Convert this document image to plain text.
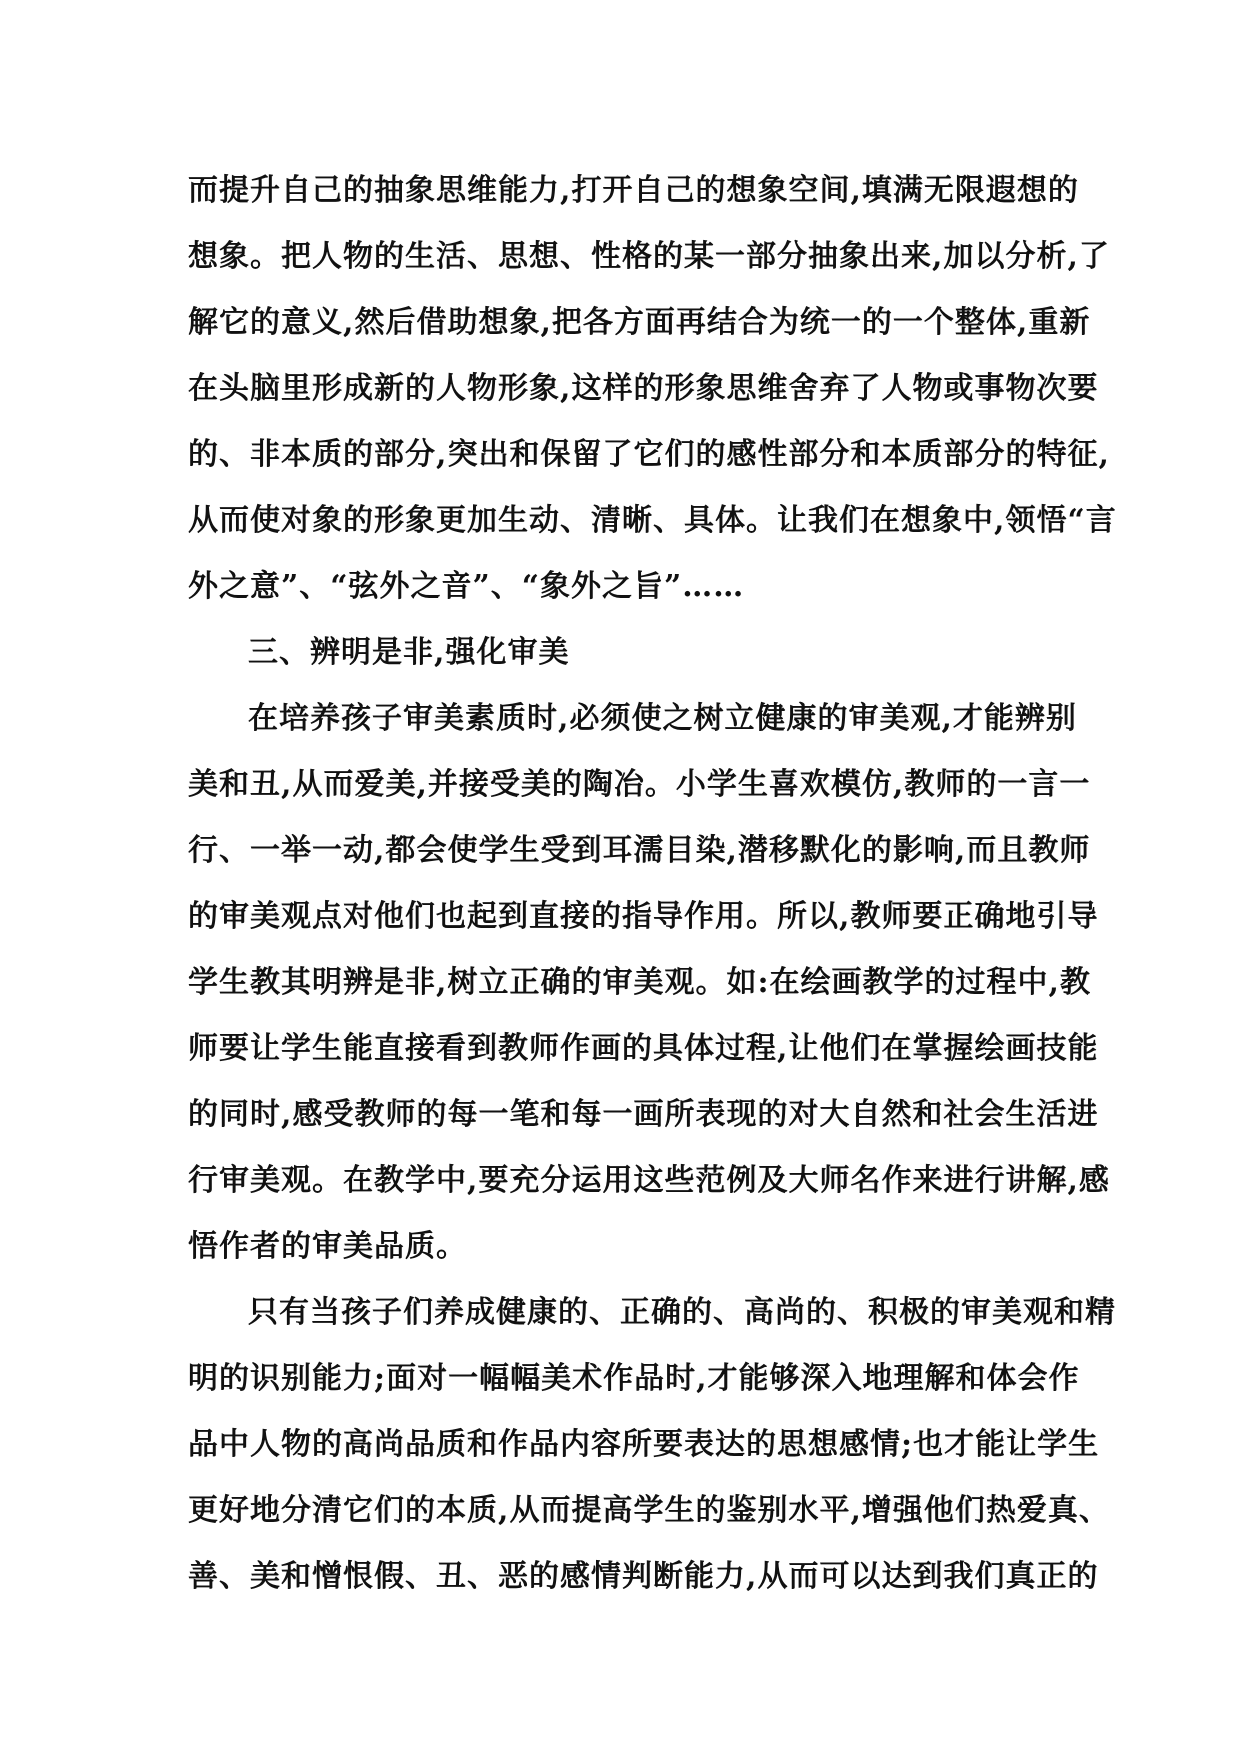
而提升自己的抽象思维能力,打开自己的想象空间,填满无限遐想的
想象。把人物的生活、思想、性格的某一部分抽象出来,加以分析,了
解它的意义,然后借助想象,把各方面再结合为统一的一个整体,重新
在头脑里形成新的人物形象,这样的形象思维舍弃了人物或事物次要
的、非本质的部分,突出和保留了它们的感性部分和本质部分的特征,
从而使对象的形象更加生动、清晰、具体。让我们在想象中,领悟“言
外之意”、“弦外之音”、“象外之旨”……
三、辨明是非,强化审美
在培养孩子审美素质时,必须使之树立健康的审美观,才能辨别
美和丑,从而爱美,并接受美的陶冶。小学生喜欢模仿,教师的一言一
行、一举一动,都会使学生受到耳濡目染,潜移默化的影响,而且教师
的审美观点对他们也起到直接的指导作用。所以,教师要正确地引导
学生教其明辨是非,树立正确的审美观。如:在绘画教学的过程中,教
师要让学生能直接看到教师作画的具体过程,让他们在掌握绘画技能
的同时,感受教师的每一笔和每一画所表现的对大自然和社会生活进
行审美观。在教学中,要充分运用这些范例及大师名作来进行讲解,感
悟作者的审美品质。
只有当孩子们养成健康的、正确的、高尚的、积极的审美观和精
明的识别能力;面对一幅幅美术作品时,才能够深入地理解和体会作
品中人物的高尚品质和作品内容所要表达的思想感情;也才能让学生
更好地分清它们的本质,从而提高学生的鉴别水平,增强他们热爱真、
善、美和憎恨假、丑、恶的感情判断能力,从而可以达到我们真正的
